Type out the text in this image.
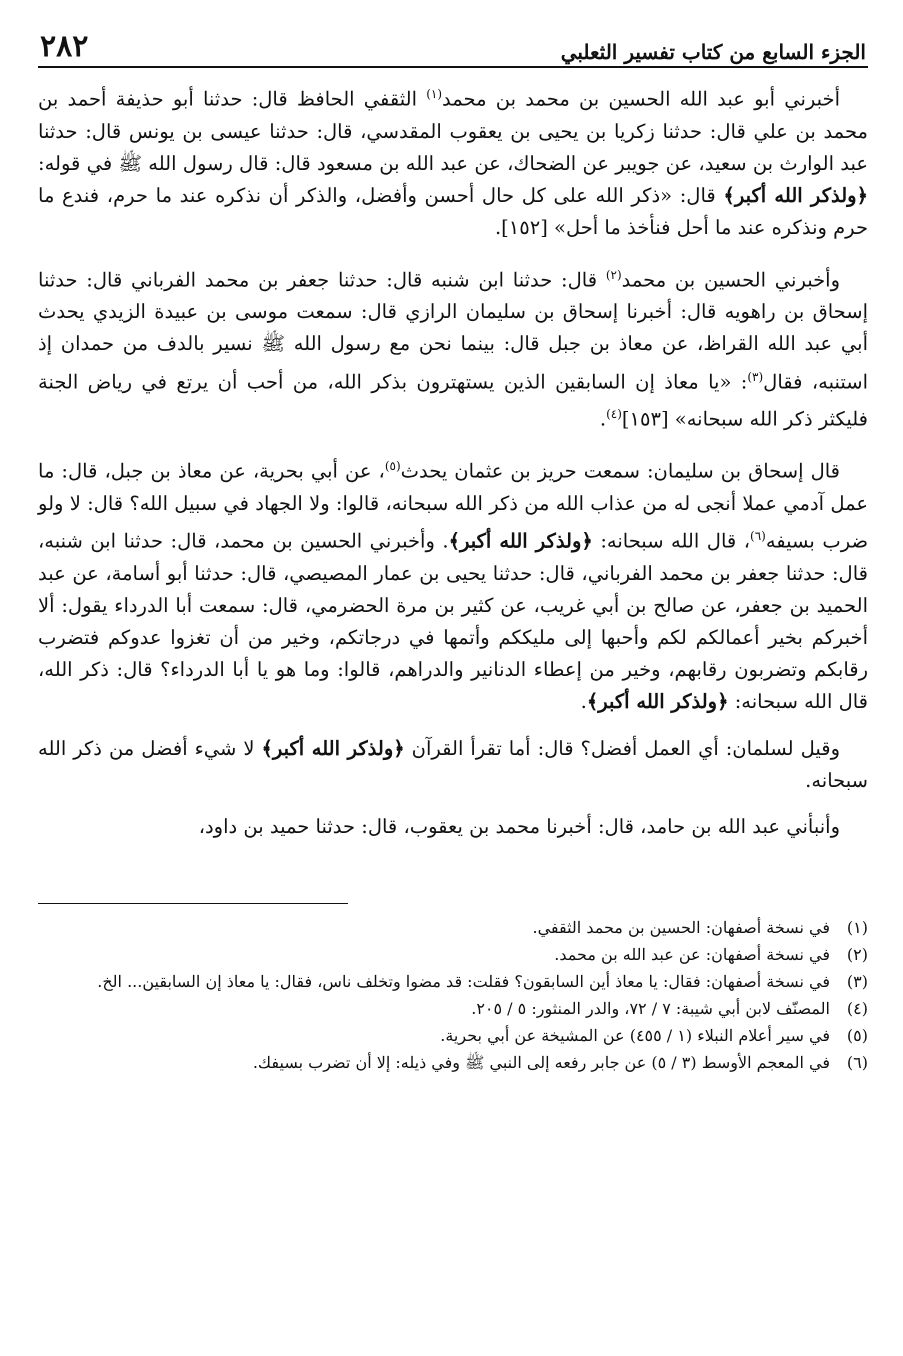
الجزء السابع من كتاب تفسير الثعلبي
٢٨٢

أخبرني أبو عبد الله الحسين بن محمد بن محمد$^{(١)}$ الثقفي الحافظ قال: حدثنا أبو حذيفة أحمد بن محمد بن علي قال: حدثنا زكريا بن يحيى بن يعقوب المقدسي، قال: حدثنا عيسى بن يونس قال: حدثنا عبد الوارث بن سعيد، عن جويبر عن الضحاك، عن عبد الله بن مسعود قال: قال رسول الله ﷺ في قوله: ﴿ولذكر الله أكبر﴾ قال: «ذكر الله على كل حال أحسن وأفضل، والذكر أن نذكره عند ما حرم، فندع ما حرم ونذكره عند ما أحل فنأخذ ما أحل» [١٥٢].

وأخبرني الحسين بن محمد$^{(٢)}$ قال: حدثنا ابن شنبه قال: حدثنا جعفر بن محمد الفرباني قال: حدثنا إسحاق بن راهويه قال: أخبرنا إسحاق بن سليمان الرازي قال: سمعت موسى بن عبيدة الزيدي يحدث أبي عبد الله القراظ، عن معاذ بن جبل قال: بينما نحن مع رسول الله ﷺ نسير بالدف من حمدان إذ استنبه، فقال$^{(٣)}$: «يا معاذ إن السابقين الذين يستهترون بذكر الله، من أحب أن يرتع في رياض الجنة فليكثر ذكر الله سبحانه» [١٥٣]$^{(٤)}$.

قال إسحاق بن سليمان: سمعت حريز بن عثمان يحدث$^{(٥)}$، عن أبي بحرية، عن معاذ بن جبل، قال: ما عمل آدمي عملا أنجى له من عذاب الله من ذكر الله سبحانه، قالوا: ولا الجهاد في سبيل الله؟ قال: لا ولو ضرب بسيفه$^{(٦)}$، قال الله سبحانه: ﴿ولذكر الله أكبر﴾. وأخبرني الحسين بن محمد، قال: حدثنا ابن شنبه، قال: حدثنا جعفر بن محمد الفرباني، قال: حدثنا يحيى بن عمار المصيصي، قال: حدثنا أبو أسامة، عن عبد الحميد بن جعفر، عن صالح بن أبي غريب، عن كثير بن مرة الحضرمي، قال: سمعت أبا الدرداء يقول: ألا أخبركم بخير أعمالكم لكم وأحبها إلى مليككم وأتمها في درجاتكم، وخير من أن تغزوا عدوكم فتضرب رقابكم وتضربون رقابهم، وخير من إعطاء الدنانير والدراهم، قالوا: وما هو يا أبا الدرداء؟ قال: ذكر الله، قال الله سبحانه: ﴿ولذكر الله أكبر﴾.

وقيل لسلمان: أي العمل أفضل؟ قال: أما تقرأ القرآن ﴿ولذكر الله أكبر﴾ لا شيء أفضل من ذكر الله سبحانه.

وأنبأني عبد الله بن حامد، قال: أخبرنا محمد بن يعقوب، قال: حدثنا حميد بن داود،

(١)
في نسخة أصفهان: الحسين بن محمد الثقفي.
(٢)
في نسخة أصفهان: عن عبد الله بن محمد.
(٣)
في نسخة أصفهان: فقال: يا معاذ أين السابقون؟ فقلت: قد مضوا وتخلف ناس، فقال: يا معاذ إن السابقين... الخ.
(٤)
المصنّف لابن أبي شيبة: ٧ / ٧٢، والدر المنثور: ٥ / ٢٠٥.
(٥)
في سير أعلام النبلاء (١ / ٤٥٥) عن المشيخة عن أبي بحرية.
(٦)
في المعجم الأوسط (٣ / ٥) عن جابر رفعه إلى النبي ﷺ وفي ذيله: إلا أن تضرب بسيفك.
